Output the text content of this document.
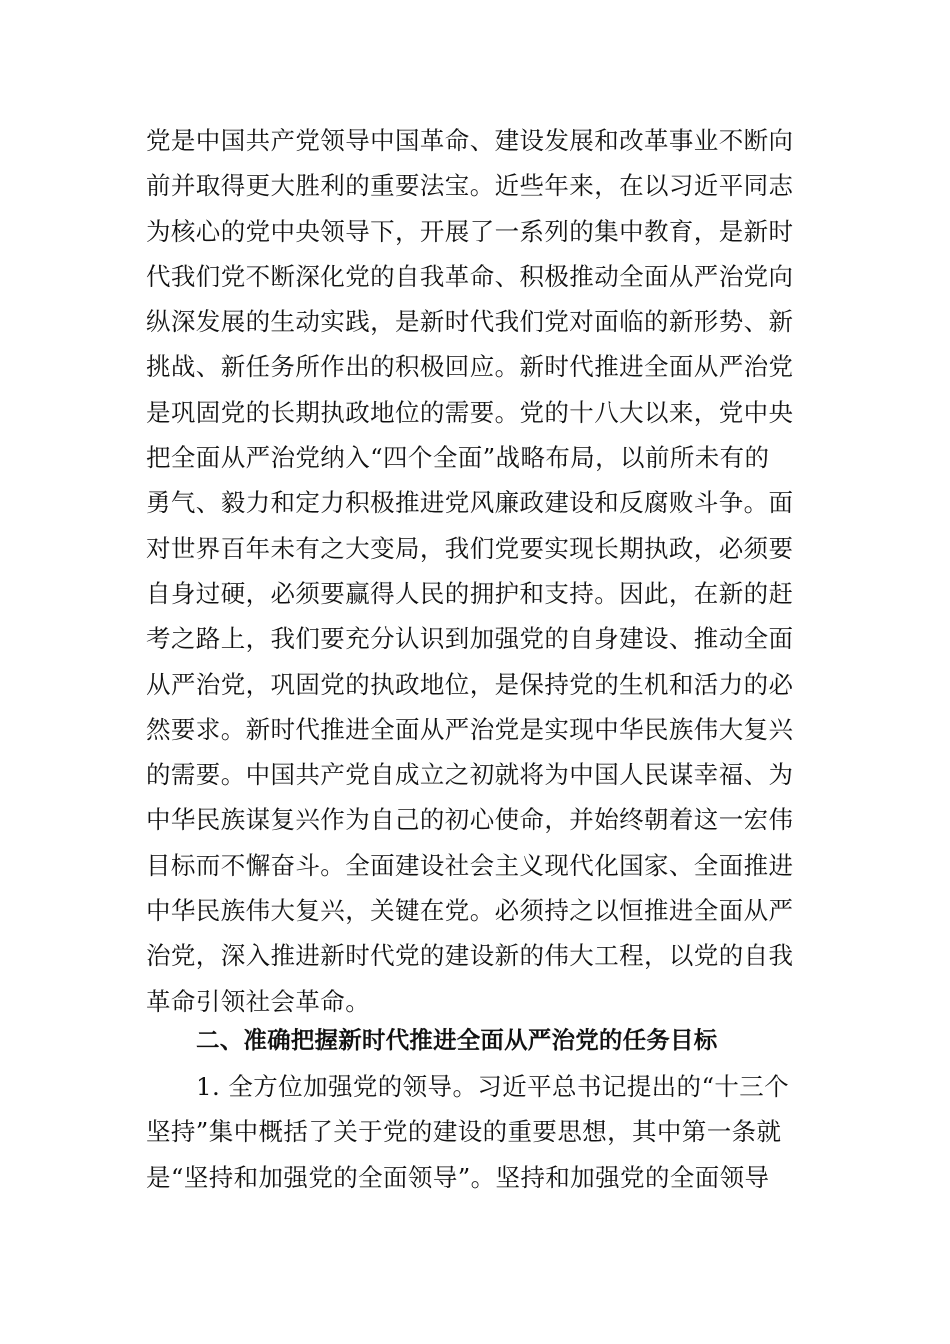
党是中国共产党领导中国革命、建设发展和改革事业不断向
前并取得更大胜利的重要法宝。近些年来，在以习近平同志
为核心的党中央领导下，开展了一系列的集中教育，是新时
代我们党不断深化党的自我革命、积极推动全面从严治党向
纵深发展的生动实践，是新时代我们党对面临的新形势、新
挑战、新任务所作出的积极回应。新时代推进全面从严治党
是巩固党的长期执政地位的需要。党的十八大以来，党中央
把全面从严治党纳入“四个全面”战略布局，以前所未有的
勇气、毅力和定力积极推进党风廉政建设和反腐败斗争。面
对世界百年未有之大变局，我们党要实现长期执政，必须要
自身过硬，必须要赢得人民的拥护和支持。因此，在新的赶
考之路上，我们要充分认识到加强党的自身建设、推动全面
从严治党，巩固党的执政地位，是保持党的生机和活力的必
然要求。新时代推进全面从严治党是实现中华民族伟大复兴
的需要。中国共产党自成立之初就将为中国人民谋幸福、为
中华民族谋复兴作为自己的初心使命，并始终朝着这一宏伟
目标而不懈奋斗。全面建设社会主义现代化国家、全面推进
中华民族伟大复兴，关键在党。必须持之以恒推进全面从严
治党，深入推进新时代党的建设新的伟大工程，以党的自我
革命引领社会革命。
二、准确把握新时代推进全面从严治党的任务目标
1. 全方位加强党的领导。习近平总书记提出的“十三个
坚持”集中概括了关于党的建设的重要思想，其中第一条就
是“坚持和加强党的全面领导”。坚持和加强党的全面领导
